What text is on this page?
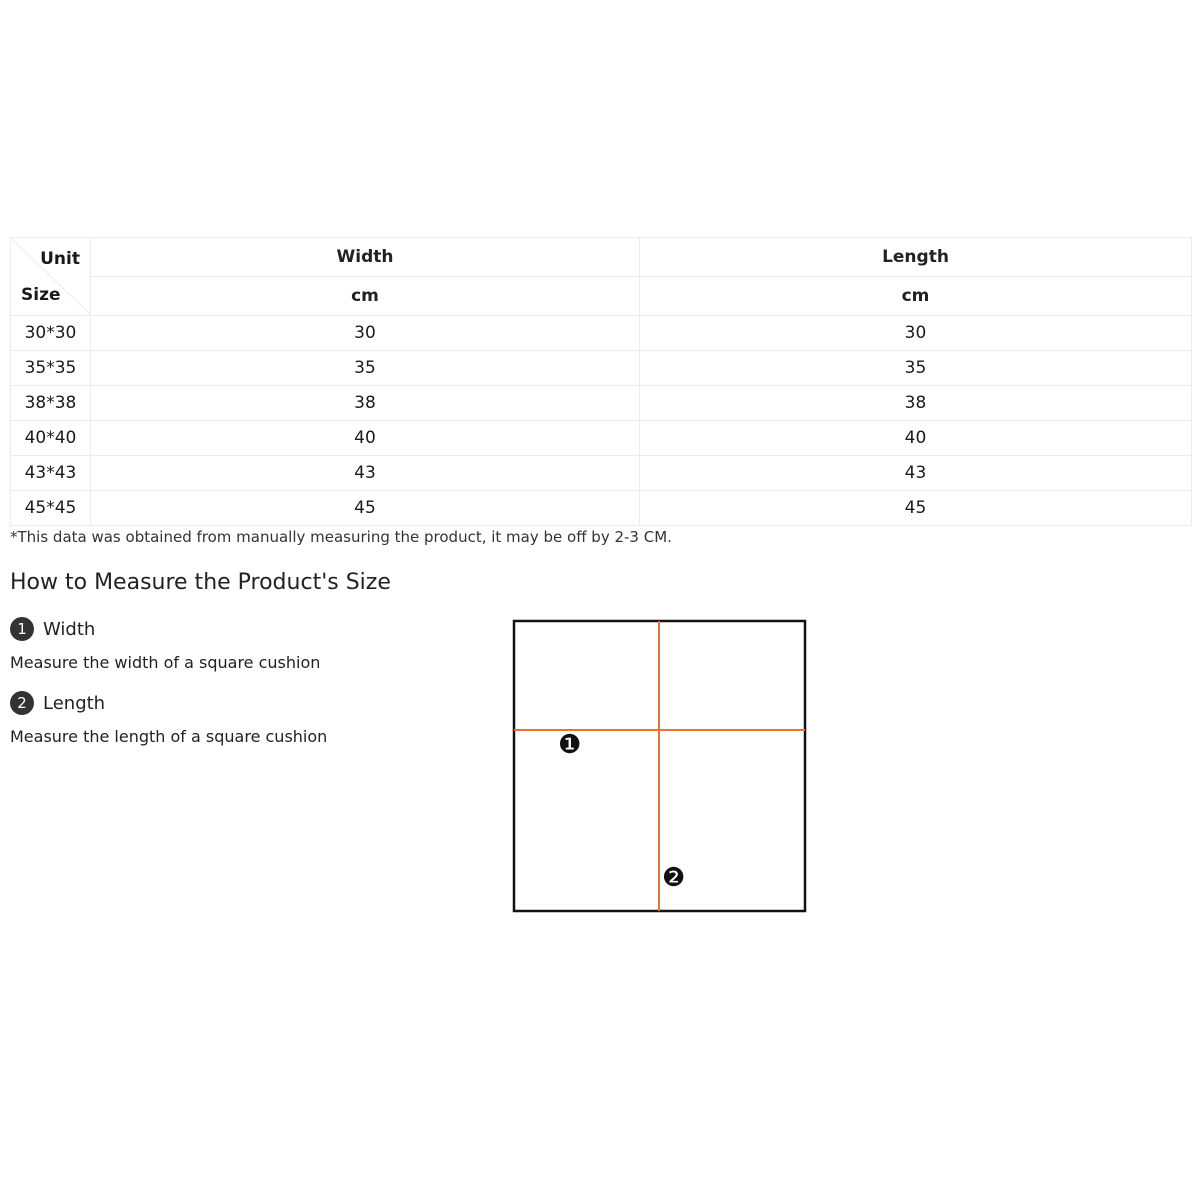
Unit
Size	Width	Length
	cm	cm
30*30	30	30
35*35	35	35
38*38	38	38
40*40	40	40
43*43	43	43
45*45	45	45
*This data was obtained from manually measuring the product, it may be off by 2-3 CM.
How to Measure the Product's Size
1 Width
Measure the width of a square cushion
2 Length
Measure the length of a square cushion	❶
❷
